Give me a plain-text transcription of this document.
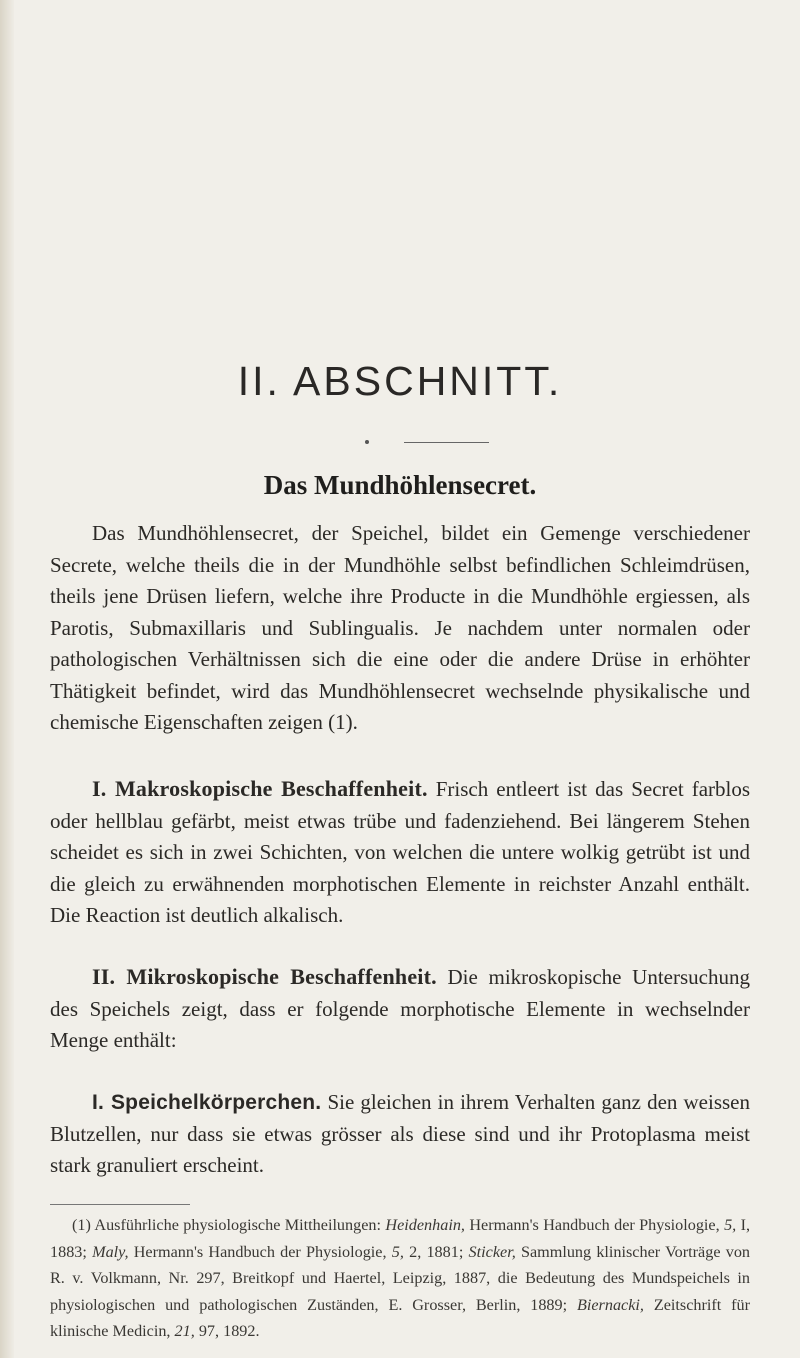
II. ABSCHNITT.
Das Mundhöhlensecret.

Das Mundhöhlensecret, der Speichel, bildet ein Gemenge verschiedener Secrete, welche theils die in der Mundhöhle selbst befindlichen Schleimdrüsen, theils jene Drüsen liefern, welche ihre Producte in die Mundhöhle ergiessen, als Parotis, Submaxillaris und Sublingualis. Je nachdem unter normalen oder pathologischen Verhältnissen sich die eine oder die andere Drüse in erhöhter Thätigkeit befindet, wird das Mundhöhlensecret wechselnde physikalische und chemische Eigenschaften zeigen (1).

I. Makroskopische Beschaffenheit. Frisch entleert ist das Secret farblos oder hellblau gefärbt, meist etwas trübe und fadenziehend. Bei längerem Stehen scheidet es sich in zwei Schichten, von welchen die untere wolkig getrübt ist und die gleich zu erwähnenden morphotischen Elemente in reichster Anzahl enthält. Die Reaction ist deutlich alkalisch.

II. Mikroskopische Beschaffenheit. Die mikroskopische Untersuchung des Speichels zeigt, dass er folgende morphotische Elemente in wechselnder Menge enthält:

I. Speichelkörperchen. Sie gleichen in ihrem Verhalten ganz den weissen Blutzellen, nur dass sie etwas grösser als diese sind und ihr Protoplasma meist stark granuliert erscheint.

(1) Ausführliche physiologische Mittheilungen: Heidenhain, Hermann's Handbuch der Physiologie, 5, I, 1883; Maly, Hermann's Handbuch der Physiologie, 5, 2, 1881; Sticker, Sammlung klinischer Vorträge von R. v. Volkmann, Nr. 297, Breitkopf und Haertel, Leipzig, 1887, die Bedeutung des Mundspeichels in physiologischen und pathologischen Zuständen, E. Grosser, Berlin, 1889; Biernacki, Zeitschrift für klinische Medicin, 21, 97, 1892.
